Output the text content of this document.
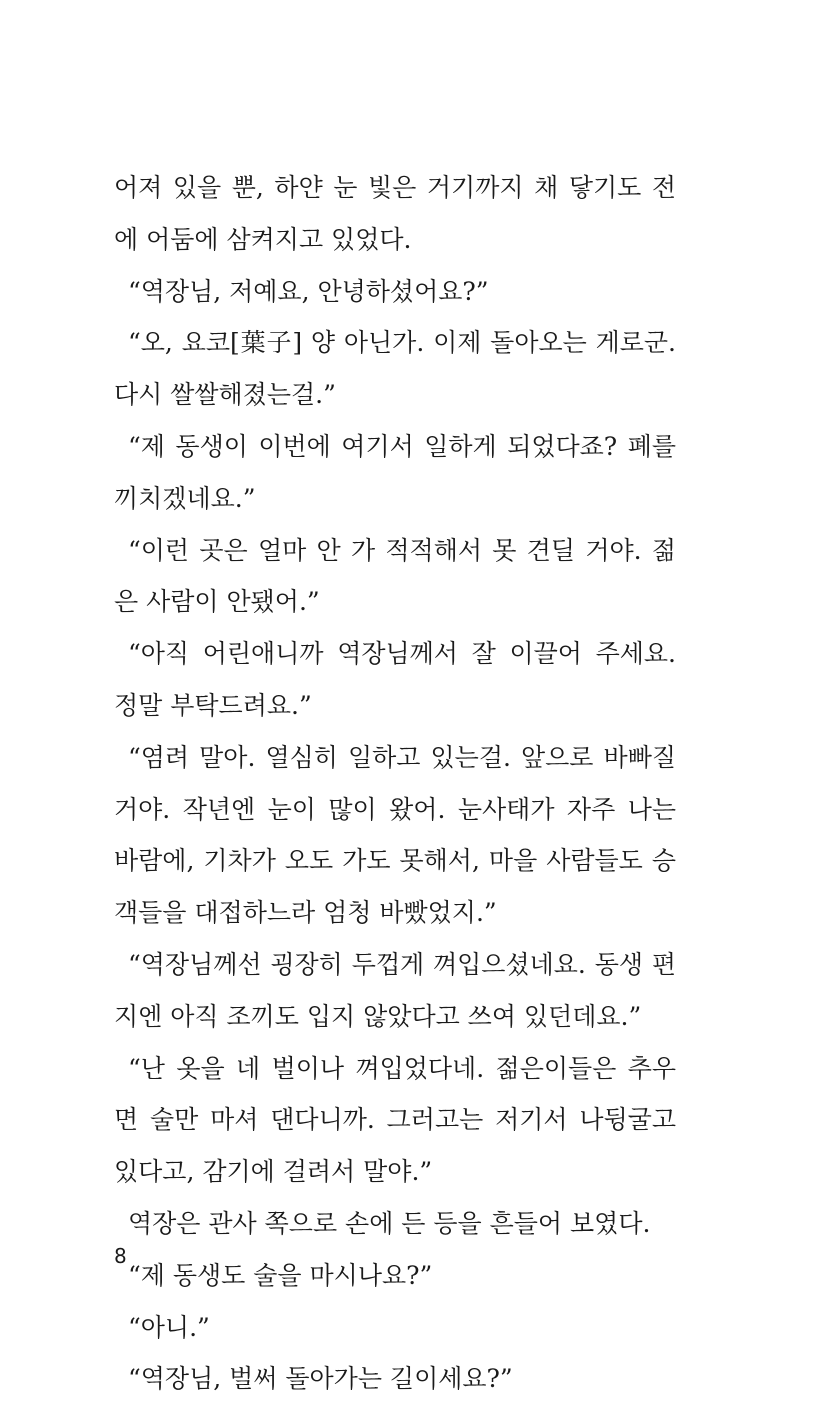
어져 있을 뿐, 하얀 눈 빛은 거기까지 채 닿기도 전에 어둠에 삼켜지고 있었다.

“역장님, 저예요, 안녕하셨어요?”

“오, 요코[葉子] 양 아닌가. 이제 돌아오는 게로군. 다시 쌀쌀해졌는걸.”

“제 동생이 이번에 여기서 일하게 되었다죠? 폐를 끼치겠네요.”

“이런 곳은 얼마 안 가 적적해서 못 견딜 거야. 젊은 사람이 안됐어.”

“아직 어린애니까 역장님께서 잘 이끌어 주세요. 정말 부탁드려요.”

“염려 말아. 열심히 일하고 있는걸. 앞으로 바빠질 거야. 작년엔 눈이 많이 왔어. 눈사태가 자주 나는 바람에, 기차가 오도 가도 못해서, 마을 사람들도 승객들을 대접하느라 엄청 바빴었지.”

“역장님께선 굉장히 두껍게 껴입으셨네요. 동생 편지엔 아직 조끼도 입지 않았다고 쓰여 있던데요.”

“난 옷을 네 벌이나 껴입었다네. 젊은이들은 추우면 술만 마셔 댄다니까. 그러고는 저기서 나뒹굴고 있다고, 감기에 걸려서 말야.”

역장은 관사 쪽으로 손에 든 등을 흔들어 보였다.

“제 동생도 술을 마시나요?”

“아니.”

“역장님, 벌써 돌아가는 길이세요?”

8
